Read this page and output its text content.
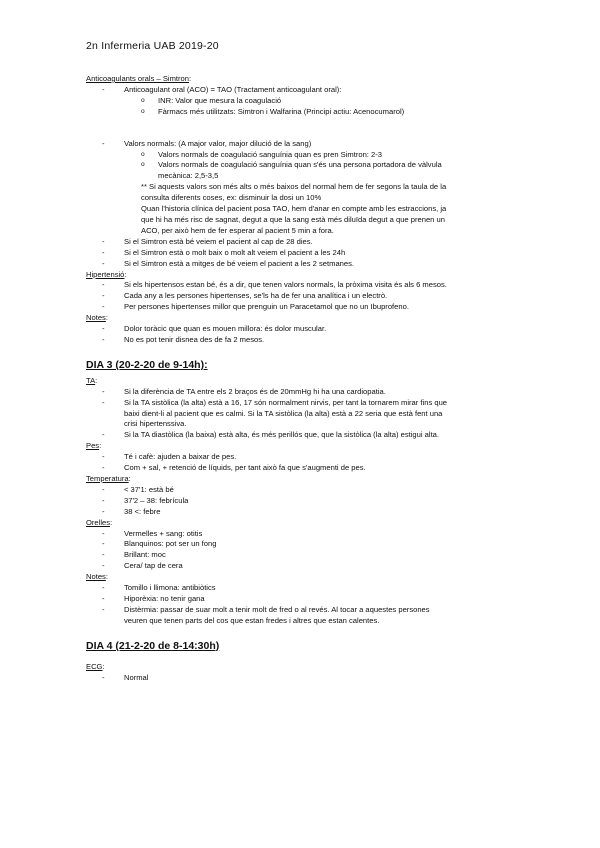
2n Infermeria UAB 2019-20
Anticoagulants orals – Simtron:
-	Anticoagulant oral (ACO) = TAO (Tractament anticoagulant oral):
o INR: Valor que mesura la coagulació
o Fàrmacs més utilitzats: Simtron i Walfarina (Principi actiu: Acenocumarol)
-	Valors normals: (A major valor, major dilució de la sang)
o Valors normals de coagulació sanguínia quan es pren Simtron: 2-3
o Valors normals de coagulació sanguínia quan s'és una persona portadora de vàlvula
mecànica: 2,5-3,5
** Si aquests valors son més alts o més baixos del normal hem de fer segons la taula de la
consulta diferents coses, ex: disminuir la dosi un 10%
Quan l'historia clínica del pacient posa TAO, hem d'anar en compte amb les estraccions, ja
que hi ha més risc de sagnat, degut a que la sang està més diluïda degut a que prenen un
ACO, per això hem de fer esperar al pacient 5 min a fora.
-	Si el Simtron està bé veiem el pacient al cap de 28 dies.
-	Si el Simtron està o molt baix o molt alt veiem el pacient a les 24h
-	Si el Simtron està a mitges de bé veiem el pacient a les 2 setmanes.
Hipertensió:
-	Si els hipertensos estan bé, és a dir, que tenen valors normals, la pròxima visita és als 6 mesos.
-	Cada any a les persones hipertenses, se'ls ha de fer una analítica i un electrò.
-	Per persones hipertenses millor que prenguin un Paracetamol que no un Ibuprofeno.
Notes:
-	Dolor toràcic que quan es mouen millora: és dolor muscular.
-	No es pot tenir disnea des de fa 2 mesos.
DIA 3 (20-2-20 de 9-14h):
TA:
-	Si la diferència de TA entre els 2 braços és de 20mmHg hi ha una cardiopatia.
-	Si la TA sistòlica (la alta) està a 16, 17 són normalment nirvis, per tant la tornarem mirar fins que
baixi dient-li al pacient que es calmi. Si la TA sistòlica (la alta) està a 22 seria que està fent una
crisi hipertenssiva.
-	Si la TA diastòlica (la baixa) està alta, és més perillós que, que la sistòlica (la alta) estigui alta.
Pes:
-	Té i cafè: ajuden a baixar de pes.
-	Com + sal, + retenció de líquids, per tant això fa que s'augmenti de pes.
Temperatura:
-	< 37'1: està bé
-	37'2 – 38: febrícula
-	38 <: febre
Orelles:
-	Vermelles + sang: otitis
-	Blanquinos: pot ser un fong
-	Brillant: moc
-	Cera/ tap de cera
Notes:
-	Tomillo i llimona: antibiòtics
-	Hiporèxia: no tenir gana
-	Distèrmia: passar de suar molt a tenir molt de fred o al revés. Al tocar a aquestes persones
veuren que tenen parts del cos que estan fredes i altres que estan calentes.
DIA 4 (21-2-20 de 8-14:30h)
ECG:
-	Normal
